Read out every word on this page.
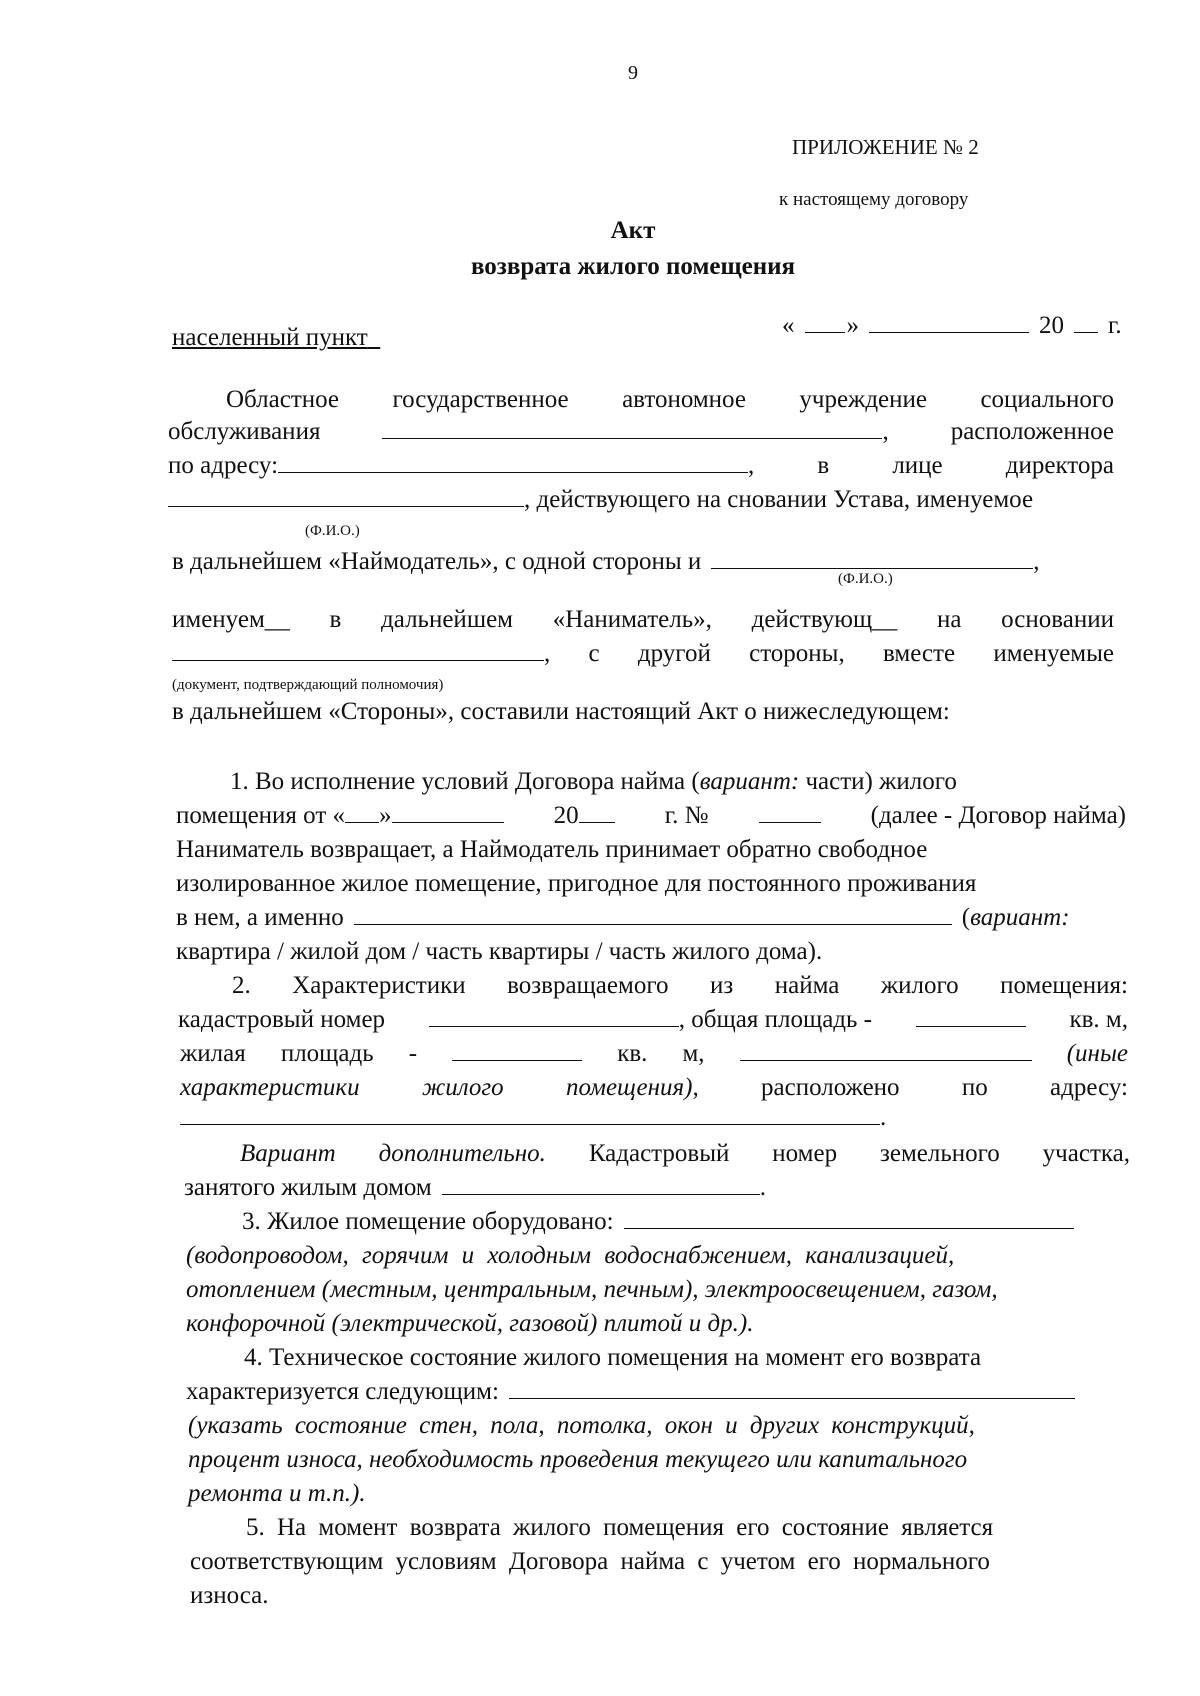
9
ПРИЛОЖЕНИЕ № 2
к настоящему договору
Акт
возврата жилого помещения
населенный пункт	« »	20 г.
Областное государственное автономное учреждение социального
обслуживания	, расположенное
по адресу:	,	в	лице	директора
, действующего на сновании Устава, именуемое
(Ф.И.О.)
в дальнейшем «Наймодатель», с одной стороны и	,
(Ф.И.О.)
именуем__ в дальнейшем «Наниматель», действующ__ на основании
, с другой стороны, вместе именуемые
(документ, подтверждающий полномочия)
в дальнейшем «Стороны», составили настоящий Акт о нижеследующем:
1. Во исполнение условий Договора найма (вариант: части) жилого
помещения от « »	20	г. №	(далее - Договор найма)
Наниматель возвращает, а Наймодатель принимает обратно свободное
изолированное жилое помещение, пригодное для постоянного проживания
в нем, а именно	(вариант:
квартира / жилой дом / часть квартиры / часть жилого дома).
2. Характеристики возвращаемого из найма жилого помещения:
кадастровый номер	, общая площадь -	кв. м,
жилая площадь -	кв. м,	(иные
характеристики жилого помещения), расположено по адресу:
.
Вариант дополнительно. Кадастровый номер земельного участка,
занятого жилым домом	.
3. Жилое помещение оборудовано:
(водопроводом, горячим и холодным водоснабжением, канализацией,
отоплением (местным, центральным, печным), электроосвещением, газом,
конфорочной (электрической, газовой) плитой и др.).
4. Техническое состояние жилого помещения на момент его возврата
характеризуется следующим:
(указать состояние стен, пола, потолка, окон и других конструкций,
процент износа, необходимость проведения текущего или капитального
ремонта и т.п.).
5. На момент возврата жилого помещения его состояние является
соответствующим условиям Договора найма с учетом его нормального
износа.
